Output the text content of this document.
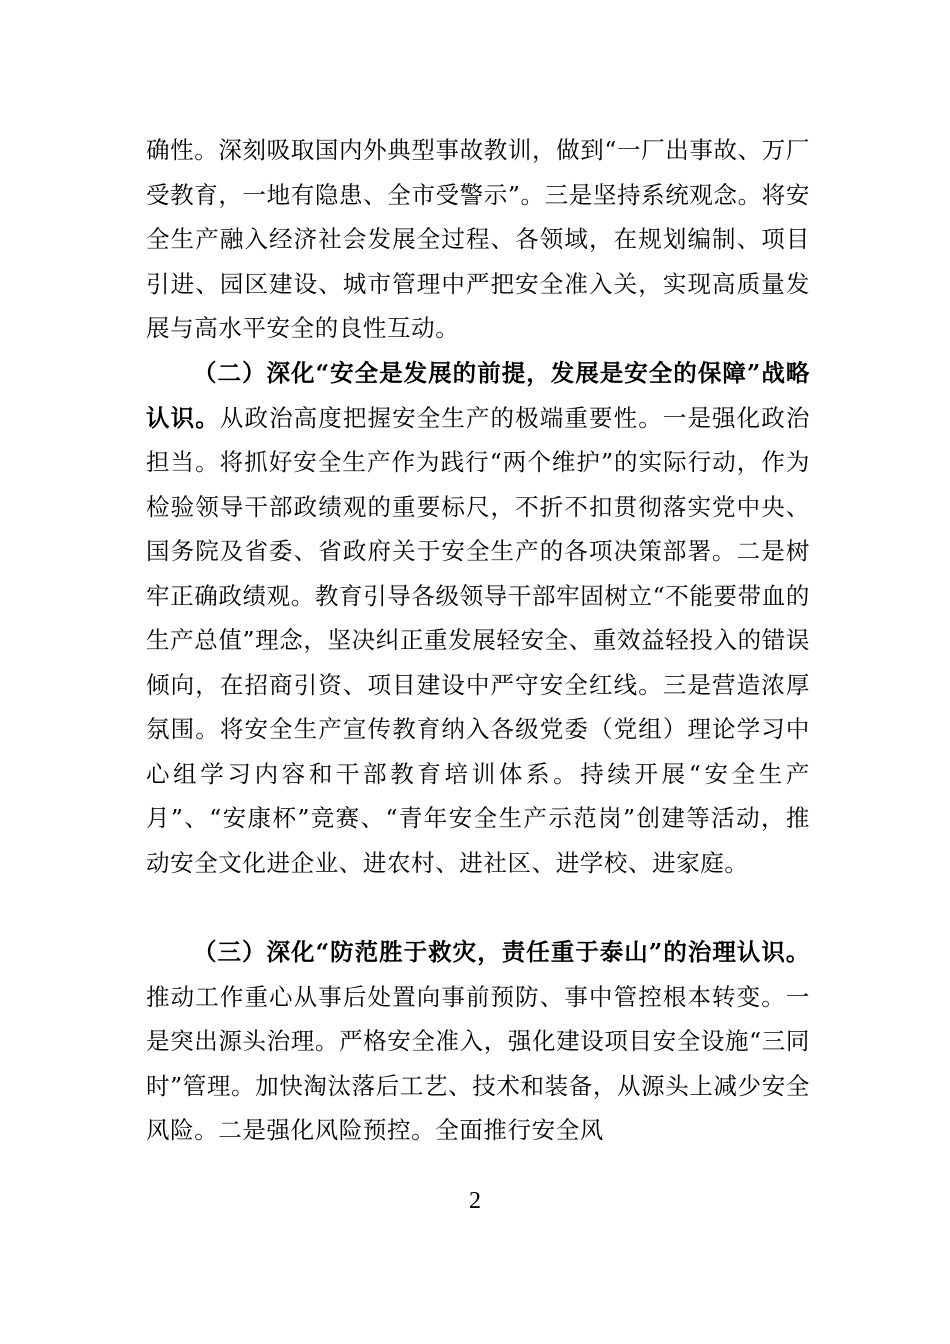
确性。深刻吸取国内外典型事故教训，做到“一厂出事故、万厂受教育，一地有隐患、全市受警示”。三是坚持系统观念。将安全生产融入经济社会发展全过程、各领域，在规划编制、项目引进、园区建设、城市管理中严把安全准入关，实现高质量发展与高水平安全的良性互动。

（二）深化“安全是发展的前提，发展是安全的保障”战略认识。从政治高度把握安全生产的极端重要性。一是强化政治担当。将抓好安全生产作为践行“两个维护”的实际行动，作为检验领导干部政绩观的重要标尺，不折不扣贯彻落实党中央、国务院及省委、省政府关于安全生产的各项决策部署。二是树牢正确政绩观。教育引导各级领导干部牢固树立“不能要带血的生产总值”理念，坚决纠正重发展轻安全、重效益轻投入的错误倾向，在招商引资、项目建设中严守安全红线。三是营造浓厚氛围。将安全生产宣传教育纳入各级党委（党组）理论学习中心组学习内容和干部教育培训体系。持续开展“安全生产月”、“安康杯”竞赛、“青年安全生产示范岗”创建等活动，推动安全文化进企业、进农村、进社区、进学校、进家庭。

（三）深化“防范胜于救灾，责任重于泰山”的治理认识。推动工作重心从事后处置向事前预防、事中管控根本转变。一是突出源头治理。严格安全准入，强化建设项目安全设施“三同时”管理。加快淘汰落后工艺、技术和装备，从源头上减少安全风险。二是强化风险预控。全面推行安全风

2
